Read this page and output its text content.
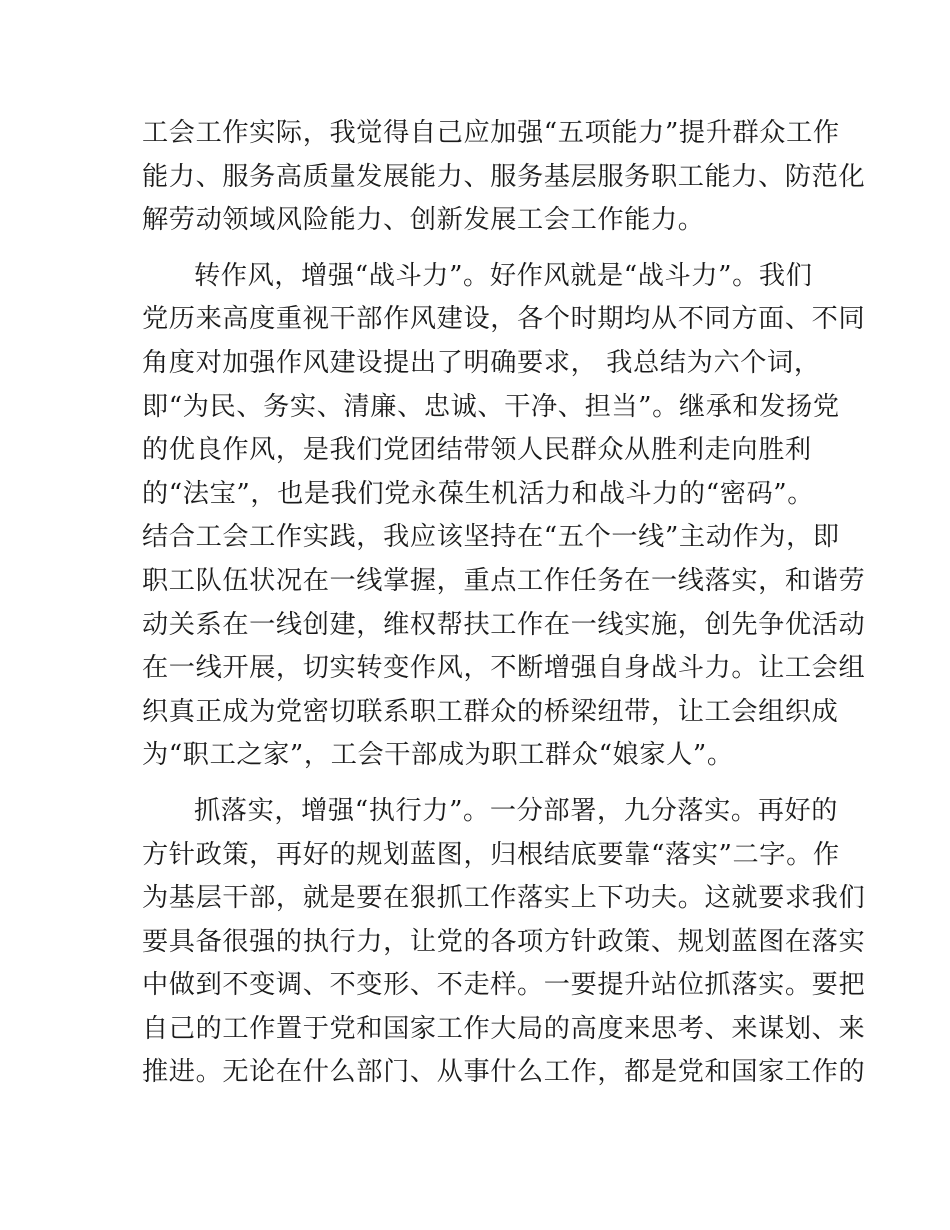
工会工作实际，我觉得自己应加强“五项能力”提升群众工作
能力、服务高质量发展能力、服务基层服务职工能力、防范化
解劳动领域风险能力、创新发展工会工作能力。
转作风，增强“战斗力”。好作风就是“战斗力”。我们
党历来高度重视干部作风建设，各个时期均从不同方面、不同
角度对加强作风建设提出了明确要求， 我总结为六个词，
即“为民、务实、清廉、忠诚、干净、担当”。继承和发扬党
的优良作风，是我们党团结带领人民群众从胜利走向胜利
的“法宝”，也是我们党永葆生机活力和战斗力的“密码”。
结合工会工作实践，我应该坚持在“五个一线”主动作为，即
职工队伍状况在一线掌握，重点工作任务在一线落实，和谐劳
动关系在一线创建，维权帮扶工作在一线实施，创先争优活动
在一线开展，切实转变作风，不断增强自身战斗力。让工会组
织真正成为党密切联系职工群众的桥梁纽带，让工会组织成
为“职工之家”，工会干部成为职工群众“娘家人”。
抓落实，增强“执行力”。一分部署，九分落实。再好的
方针政策，再好的规划蓝图，归根结底要靠“落实”二字。作
为基层干部，就是要在狠抓工作落实上下功夫。这就要求我们
要具备很强的执行力，让党的各项方针政策、规划蓝图在落实
中做到不变调、不变形、不走样。一要提升站位抓落实。要把
自己的工作置于党和国家工作大局的高度来思考、来谋划、来
推进。无论在什么部门、从事什么工作，都是党和国家工作的
